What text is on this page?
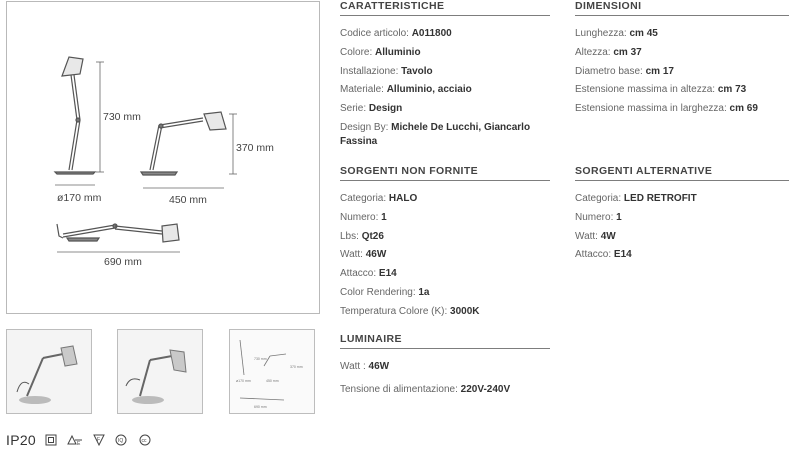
730 mm
ø170 mm
370 mm
450 mm
690 mm
730 mm
370 mm
ø170 mm	450 mm
690 mm
IP20	E
F	IQ	cc
CARATTERISTICHE
Codice articolo: A011800
Colore: Alluminio
Installazione: Tavolo
Materiale: Alluminio, acciaio
Serie: Design
Design By: Michele De Lucchi, Giancarlo Fassina
DIMENSIONI
Lunghezza: cm 45
Altezza: cm 37
Diametro base: cm 17
Estensione massima in altezza: cm 73
Estensione massima in larghezza: cm 69
SORGENTI NON FORNITE
Categoria: HALO
Numero: 1
Lbs: Qt26
Watt: 46W
Attacco: E14
Color Rendering: 1a
Temperatura Colore (K): 3000K
SORGENTI ALTERNATIVE
Categoria: LED RETROFIT
Numero: 1
Watt: 4W
Attacco: E14
LUMINAIRE
Watt : 46W
Tensione di alimentazione: 220V-240V
